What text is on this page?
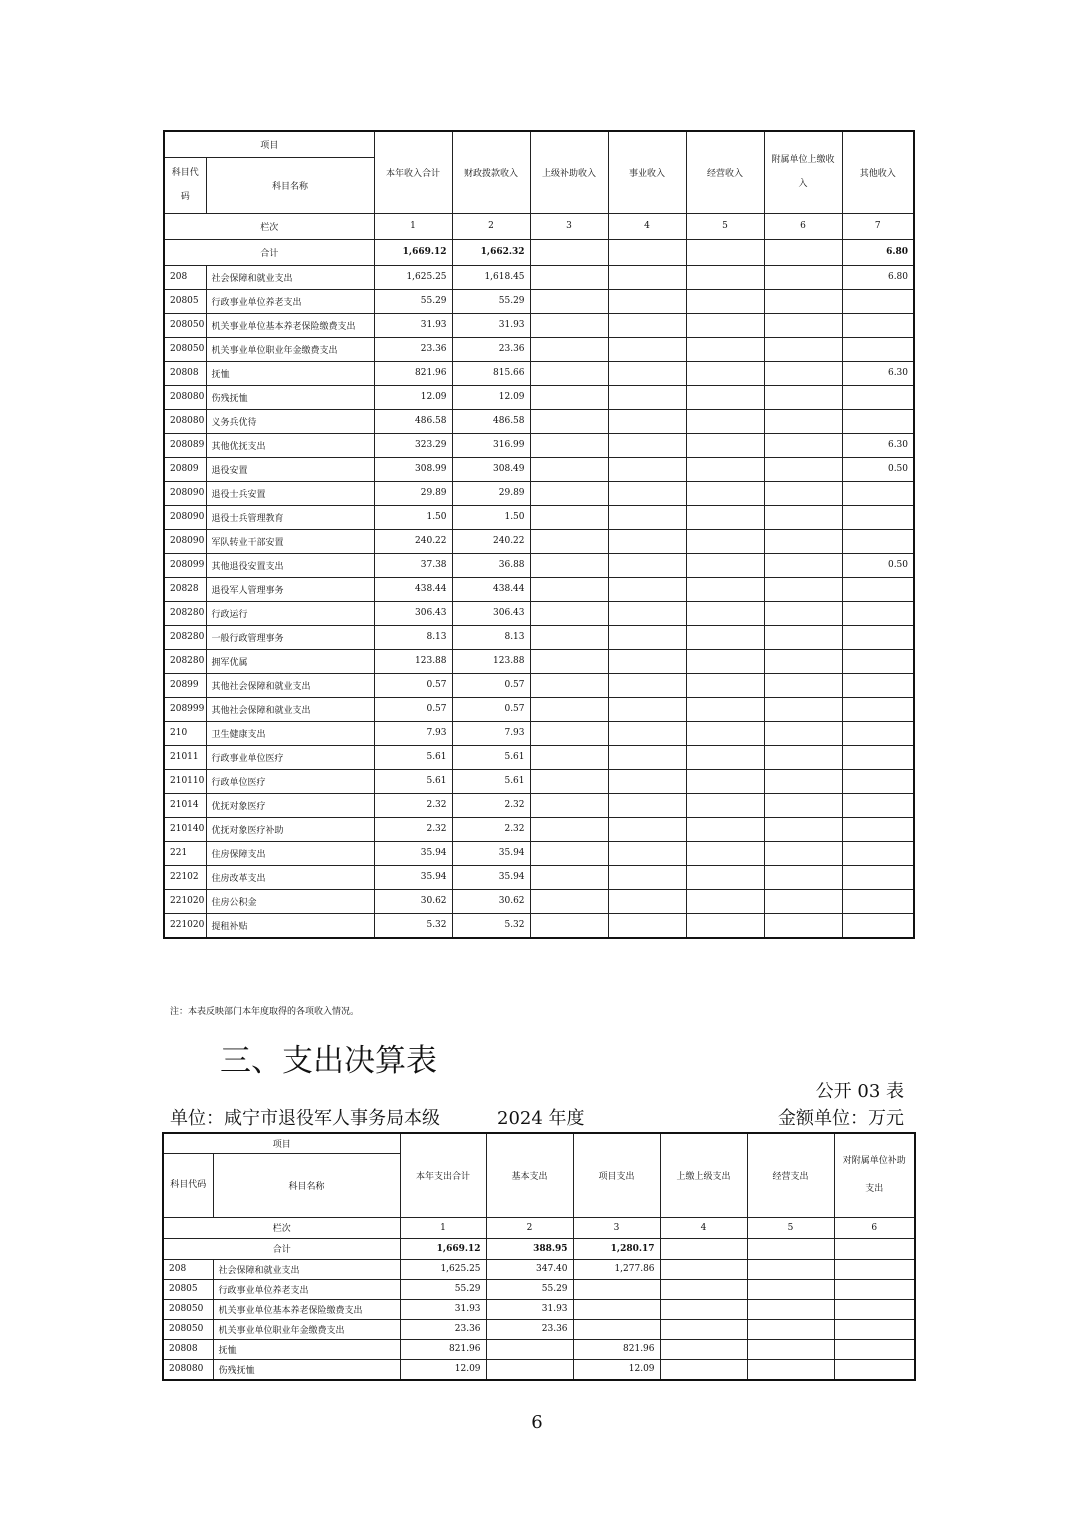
项目		本年收入合计	财政拨款收入	上级补助收入	事业收入	经营收入	附属单位上缴收入	其他收入
科目代码	科目名称							
栏次		1	2	3	4	5	6	7
合计		1,669.12	1,662.32					6.80
208	社会保障和就业支出	1,625.25	1,618.45					6.80
20805	行政事业单位养老支出	55.29	55.29					
208050	机关事业单位基本养老保险缴费支出	31.93	31.93					
208050	机关事业单位职业年金缴费支出	23.36	23.36					
20808	抚恤	821.96	815.66					6.30
208080	伤残抚恤	12.09	12.09					
208080	义务兵优待	486.58	486.58					
208089	其他优抚支出	323.29	316.99					6.30
20809	退役安置	308.99	308.49					0.50
208090	退役士兵安置	29.89	29.89					
208090	退役士兵管理教育	1.50	1.50					
208090	军队转业干部安置	240.22	240.22					
208099	其他退役安置支出	37.38	36.88					0.50
20828	退役军人管理事务	438.44	438.44					
208280	行政运行	306.43	306.43					
208280	一般行政管理事务	8.13	8.13					
208280	拥军优属	123.88	123.88					
20899	其他社会保障和就业支出	0.57	0.57					
208999	其他社会保障和就业支出	0.57	0.57					
210	卫生健康支出	7.93	7.93					
21011	行政事业单位医疗	5.61	5.61					
210110	行政单位医疗	5.61	5.61					
21014	优抚对象医疗	2.32	2.32					
210140	优抚对象医疗补助	2.32	2.32					
221	住房保障支出	35.94	35.94					
22102	住房改革支出	35.94	35.94					
221020	住房公积金	30.62	30.62					
221020	提租补贴	5.32	5.32					
注：本表反映部门本年度取得的各项收入情况。
三、支出决算表
公开 03 表
单位：咸宁市退役军人事务局本级	2024 年度	金额单位：万元
项目		本年支出合计	基本支出	项目支出	上缴上级支出	经营支出	对附属单位补助支出
科目代码	科目名称						
栏次		1	2	3	4	5	6
合计		1,669.12	388.95	1,280.17			
208	社会保障和就业支出	1,625.25	347.40	1,277.86			
20805	行政事业单位养老支出	55.29	55.29				
208050	机关事业单位基本养老保险缴费支出	31.93	31.93				
208050	机关事业单位职业年金缴费支出	23.36	23.36				
20808	抚恤	821.96		821.96			
208080	伤残抚恤	12.09		12.09			
6
